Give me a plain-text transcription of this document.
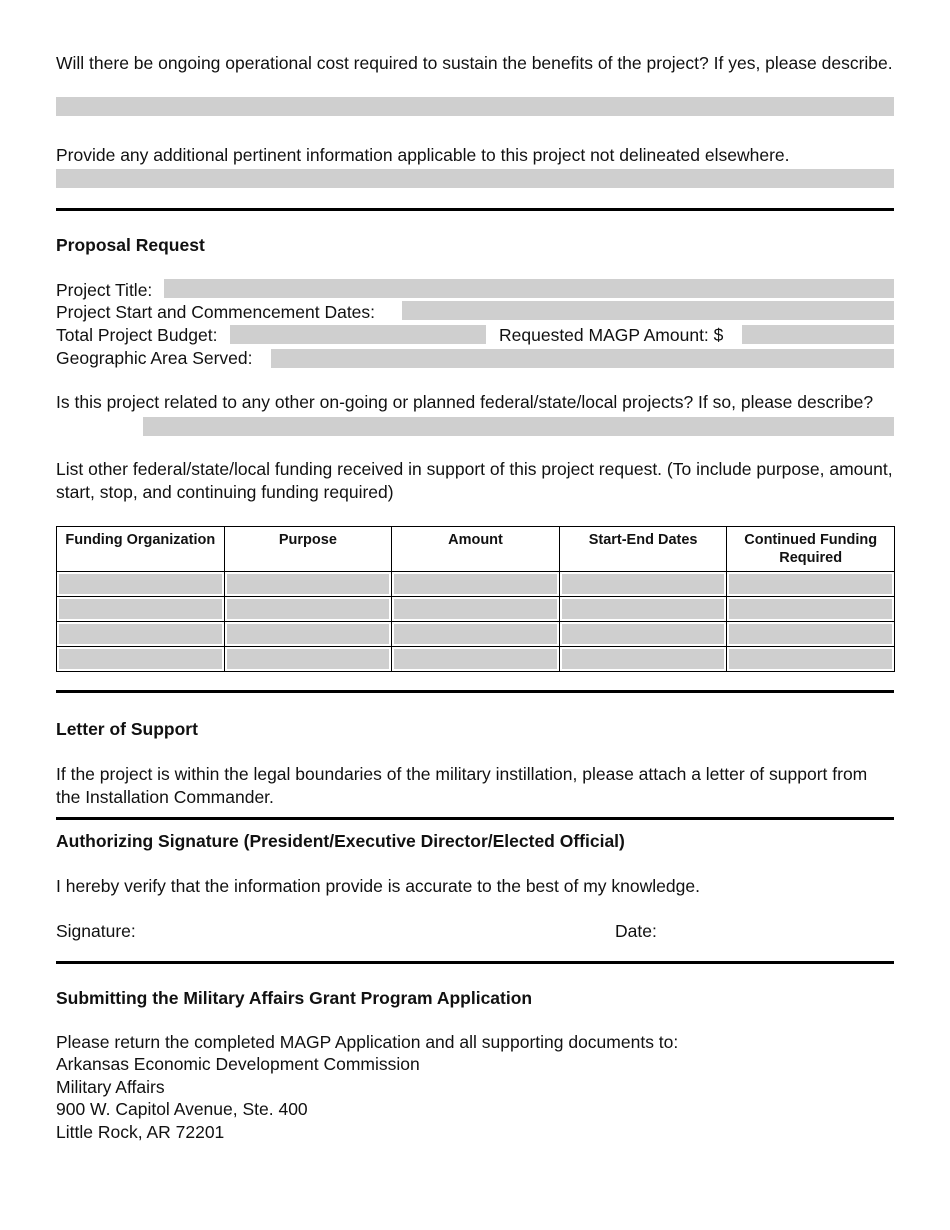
Will there be ongoing operational cost required to sustain the benefits of the project? If yes, please describe.
Provide any additional pertinent information applicable to this project not delineated elsewhere.
Proposal Request
Project Title:
Project Start and Commencement Dates:
Total Project Budget:	Requested MAGP Amount: $
Geographic Area Served:
Is this project related to any other on-going or planned federal/state/local projects? If so, please describe?
List other federal/state/local funding received in support of this project request. (To include purpose, amount, start, stop, and continuing funding required)
Funding Organization	Purpose	Amount	Start-End Dates	Continued Funding Required

Letter of Support
If the project is within the legal boundaries of the military instillation, please attach a letter of support from the Installation Commander.
Authorizing Signature (President/Executive Director/Elected Official)
I hereby verify that the information provide is accurate to the best of my knowledge.
Signature:	Date:
Submitting the Military Affairs Grant Program Application
Please return the completed MAGP Application and all supporting documents to:
Arkansas Economic Development Commission
Military Affairs
900 W. Capitol Avenue, Ste. 400
Little Rock, AR 72201
